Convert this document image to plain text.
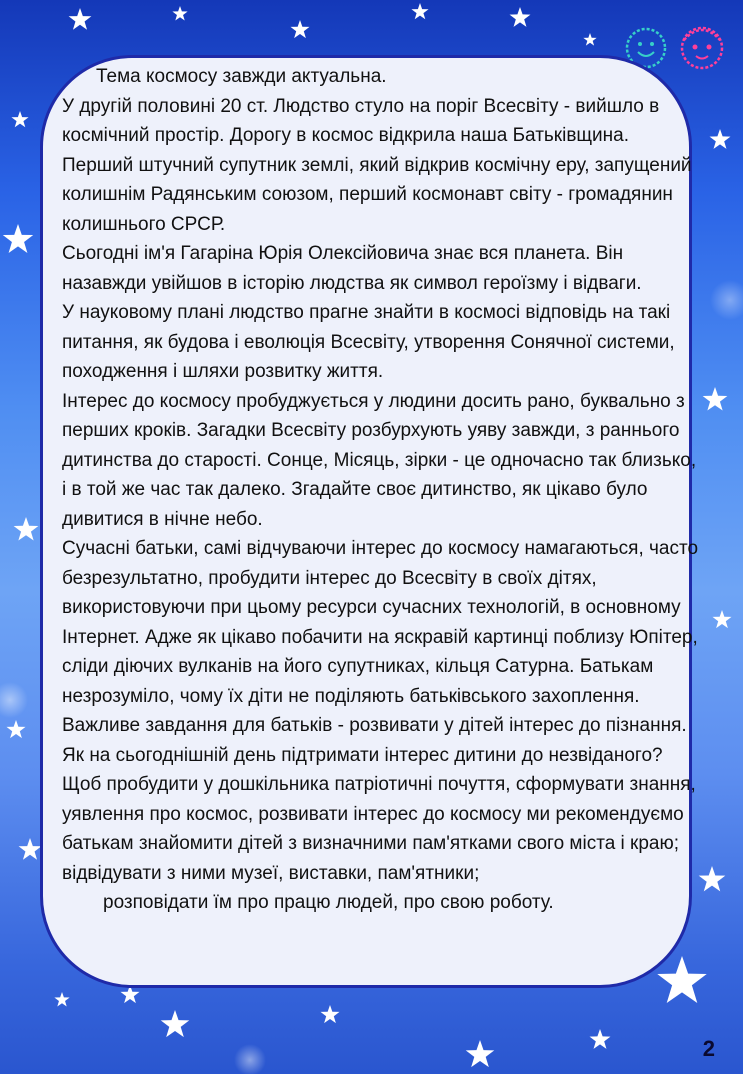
Тема космосу завжди актуальна.

У другій половині 20 ст. Людство стуло на поріг Всесвіту - вийшло в космічний простір. Дорогу в космос відкрила наша Батьківщина. Перший штучний супутник землі, який відкрив космічну еру, запущений колишнім Радянським союзом, перший космонавт світу - громадянин колишнього СРСР.

Сьогодні ім'я Гагаріна Юрія Олексійовича знає вся планета. Він назавжди увійшов в історію людства як символ героїзму і відваги.

У науковому плані людство прагне знайти в космосі відповідь на такі питання, як будова і еволюція Всесвіту, утворення Сонячної системи, походження і шляхи розвитку життя.

Інтерес до космосу пробуджується у людини досить рано, буквально з перших кроків. Загадки Всесвіту розбурхують уяву завжди, з раннього дитинства до старості. Сонце, Місяць, зірки - це одночасно так близько, і в той же час так далеко. Згадайте своє дитинство, як цікаво було дивитися в нічне небо.

Сучасні батьки, самі відчуваючи інтерес до космосу намагаються, часто безрезультатно, пробудити інтерес до Всесвіту в своїх дітях, використовуючи при цьому ресурси сучасних технологій, в основному Інтернет. Адже як цікаво побачити на яскравій картинці поблизу Юпітер, сліди діючих вулканів на його супутниках, кільця Сатурна. Батькам незрозуміло, чому їх діти не поділяють батьківського захоплення.

Важливе завдання для батьків - розвивати у дітей інтерес до пізнання.

Як на сьогоднішній день підтримати інтерес дитини до незвіданого?

Щоб пробудити у дошкільника патріотичні почуття, сформувати знання, уявлення про космос, розвивати інтерес до космосу ми рекомендуємо батькам знайомити дітей з визначними пам'ятками свого міста і краю; відвідувати з ними музеї, виставки, пам'ятники;

розповідати їм про працю людей, про свою роботу.

2
